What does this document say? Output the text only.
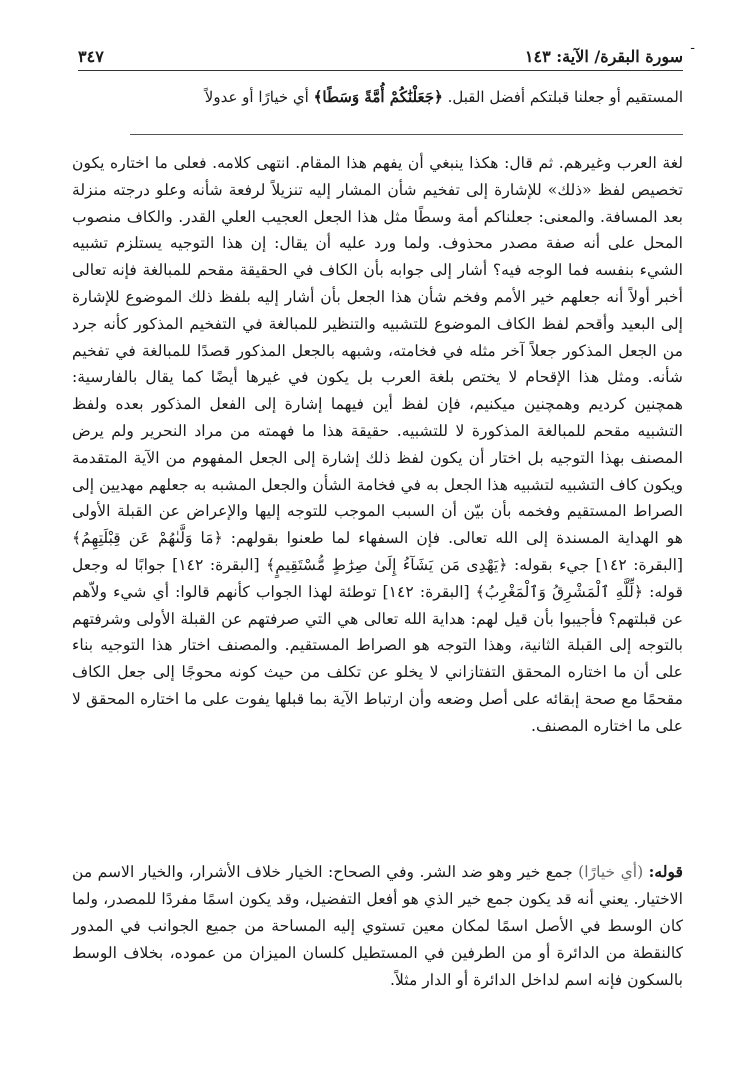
-
سورة البقرة/ الآية: ١٤٣
٣٤٧
المستقيم أو جعلنا قبلتكم أفضل القبل. ﴿جَعَلْنَٰكُمْ أُمَّةً وَسَطًا﴾ أي خيارًا أو عدولاً

لغة العرب وغيرهم. ثم قال: هكذا ينبغي أن يفهم هذا المقام. انتهى كلامه. فعلى ما اختاره يكون تخصيص لفظ «ذلك» للإشارة إلى تفخيم شأن المشار إليه تنزيلاً لرفعة شأنه وعلو درجته منزلة بعد المسافة. والمعنى: جعلناكم أمة وسطًا مثل هذا الجعل العجيب العلي القدر. والكاف منصوب المحل على أنه صفة مصدر محذوف. ولما ورد عليه أن يقال: إن هذا التوجيه يستلزم تشبيه الشيء بنفسه فما الوجه فيه؟ أشار إلى جوابه بأن الكاف في الحقيقة مقحم للمبالغة فإنه تعالى أخبر أولاً أنه جعلهم خير الأمم وفخم شأن هذا الجعل بأن أشار إليه بلفظ ذلك الموضوع للإشارة إلى البعيد وأقحم لفظ الكاف الموضوع للتشبيه والتنظير للمبالغة في التفخيم المذكور كأنه جرد من الجعل المذكور جعلاً آخر مثله في فخامته، وشبهه بالجعل المذكور قصدًا للمبالغة في تفخيم شأنه. ومثل هذا الإقحام لا يختص بلغة العرب بل يكون في غيرها أيضًا كما يقال بالفارسية: همچنين كرديم وهمچنين ميكنيم، فإن لفظ أين فيهما إشارة إلى الفعل المذكور بعده ولفظ التشبيه مقحم للمبالغة المذكورة لا للتشبيه. حقيقة هذا ما فهمته من مراد النحرير ولم يرض المصنف بهذا التوجيه بل اختار أن يكون لفظ ذلك إشارة إلى الجعل المفهوم من الآية المتقدمة ويكون كاف التشبيه لتشبيه هذا الجعل به في فخامة الشأن والجعل المشبه به جعلهم مهديين إلى الصراط المستقيم وفخمه بأن بيّن أن السبب الموجب للتوجه إليها والإعراض عن القبلة الأولى هو الهداية المسندة إلى الله تعالى. فإن السفهاء لما طعنوا بقولهم: ﴿مَا وَلَّىٰهُمْ عَن قِبْلَتِهِمُ﴾ [البقرة: ١٤٢] جيء بقوله: ﴿يَهْدِى مَن يَشَآءُ إِلَىٰ صِرَٰطٍ مُّسْتَقِيمٍ﴾ [البقرة: ١٤٢] جوابًا له وجعل قوله: ﴿لِّلَّهِ ٱلْمَشْرِقُ وَٱلْمَغْرِبُ﴾ [البقرة: ١٤٢] توطئة لهذا الجواب كأنهم قالوا: أي شيء ولاّهم عن قبلتهم؟ فأجيبوا بأن قيل لهم: هداية الله تعالى هي التي صرفتهم عن القبلة الأولى وشرفتهم بالتوجه إلى القبلة الثانية، وهذا التوجه هو الصراط المستقيم. والمصنف اختار هذا التوجيه بناء على أن ما اختاره المحقق التفتازاني لا يخلو عن تكلف من حيث كونه محوجًا إلى جعل الكاف مقحمًا مع صحة إبقائه على أصل وضعه وأن ارتباط الآية بما قبلها يفوت على ما اختاره المحقق لا على ما اختاره المصنف.

قوله: (أي خيارًا) جمع خير وهو ضد الشر. وفي الصحاح: الخيار خلاف الأشرار، والخيار الاسم من الاختيار. يعني أنه قد يكون جمع خير الذي هو أفعل التفضيل، وقد يكون اسمًا مفردًا للمصدر، ولما كان الوسط في الأصل اسمًا لمكان معين تستوي إليه المساحة من جميع الجوانب في المدور كالنقطة من الدائرة أو من الطرفين في المستطيل كلسان الميزان من عموده، بخلاف الوسط بالسكون فإنه اسم لداخل الدائرة أو الدار مثلاً.
